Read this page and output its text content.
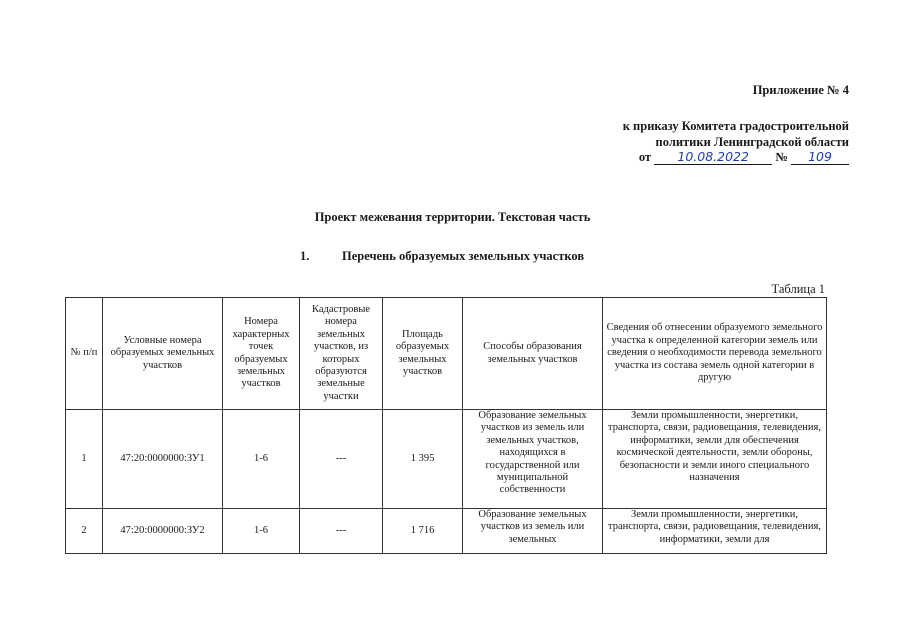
Приложение № 4
к приказу Комитета градостроительной
политики Ленинградской области
от 10.08.2022 № 109
Проект межевания территории. Текстовая часть
1.	Перечень образуемых земельных участков
Таблица 1
№ п/п	Условные номера образуемых земельных участков	Номера характерных точек образуемых земельных участков	Кадастровые номера земельных участков, из которых образуются земельные участки	Площадь образуемых земельных участков	Способы образования земельных участков	Сведения об отнесении образуемого земельного участка к определенной категории земель или сведения о необходимости перевода земельного участка из состава земель одной категории в другую
1	47:20:0000000:ЗУ1	1-6	---	1 395	Образование земельных участков из земель или земельных участков, находящихся в государственной или муниципальной собственности	Земли промышленности, энергетики, транспорта, связи, радиовещания, телевидения, информатики, земли для обеспечения космической деятельности, земли обороны, безопасности и земли иного специального назначения
2	47:20:0000000:ЗУ2	1-6	---	1 716	Образование земельных участков из земель или земельных	Земли промышленности, энергетики, транспорта, связи, радиовещания, телевидения, информатики, земли для
